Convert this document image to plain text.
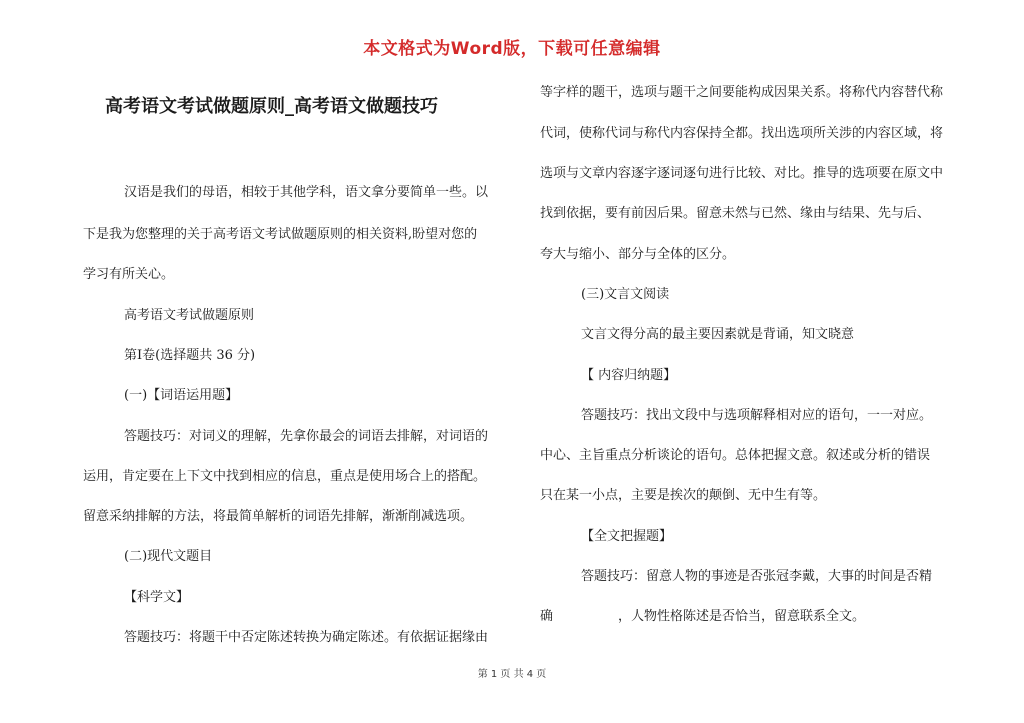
本文格式为Word版，下载可任意编辑
高考语文考试做题原则_高考语文做题技巧
汉语是我们的母语，相较于其他学科，语文拿分要简单一些。以
下是我为您整理的关于高考语文考试做题原则的相关资料,盼望对您的
学习有所关心。
高考语文考试做题原则
第Ⅰ卷(选择题共 36 分)
(一)【词语运用题】
答题技巧：对词义的理解，先拿你最会的词语去排解，对词语的
运用，肯定要在上下文中找到相应的信息，重点是使用场合上的搭配。
留意采纳排解的方法，将最简单解析的词语先排解，渐渐削减选项。
(二)现代文题目
【科学文】
答题技巧：将题干中否定陈述转换为确定陈述。有依据证据缘由
等字样的题干，选项与题干之间要能构成因果关系。将称代内容替代称
代词，使称代词与称代内容保持全都。找出选项所关涉的内容区域，将
选项与文章内容逐字逐词逐句进行比较、对比。推导的选项要在原文中
找到依据，要有前因后果。留意未然与已然、缘由与结果、先与后、
夸大与缩小、部分与全体的区分。
(三)文言文阅读
文言文得分高的最主要因素就是背诵，知文晓意
【 内容归纳题】
答题技巧：找出文段中与选项解释相对应的语句，一一对应。
中心、主旨重点分析谈论的语句。总体把握文意。叙述或分析的错误
只在某一小点，主要是挨次的颠倒、无中生有等。
【全文把握题】
答题技巧：留意人物的事迹是否张冠李戴，大事的时间是否精
确　　　　　，人物性格陈述是否恰当，留意联系全文。
第 1 页 共 4 页
